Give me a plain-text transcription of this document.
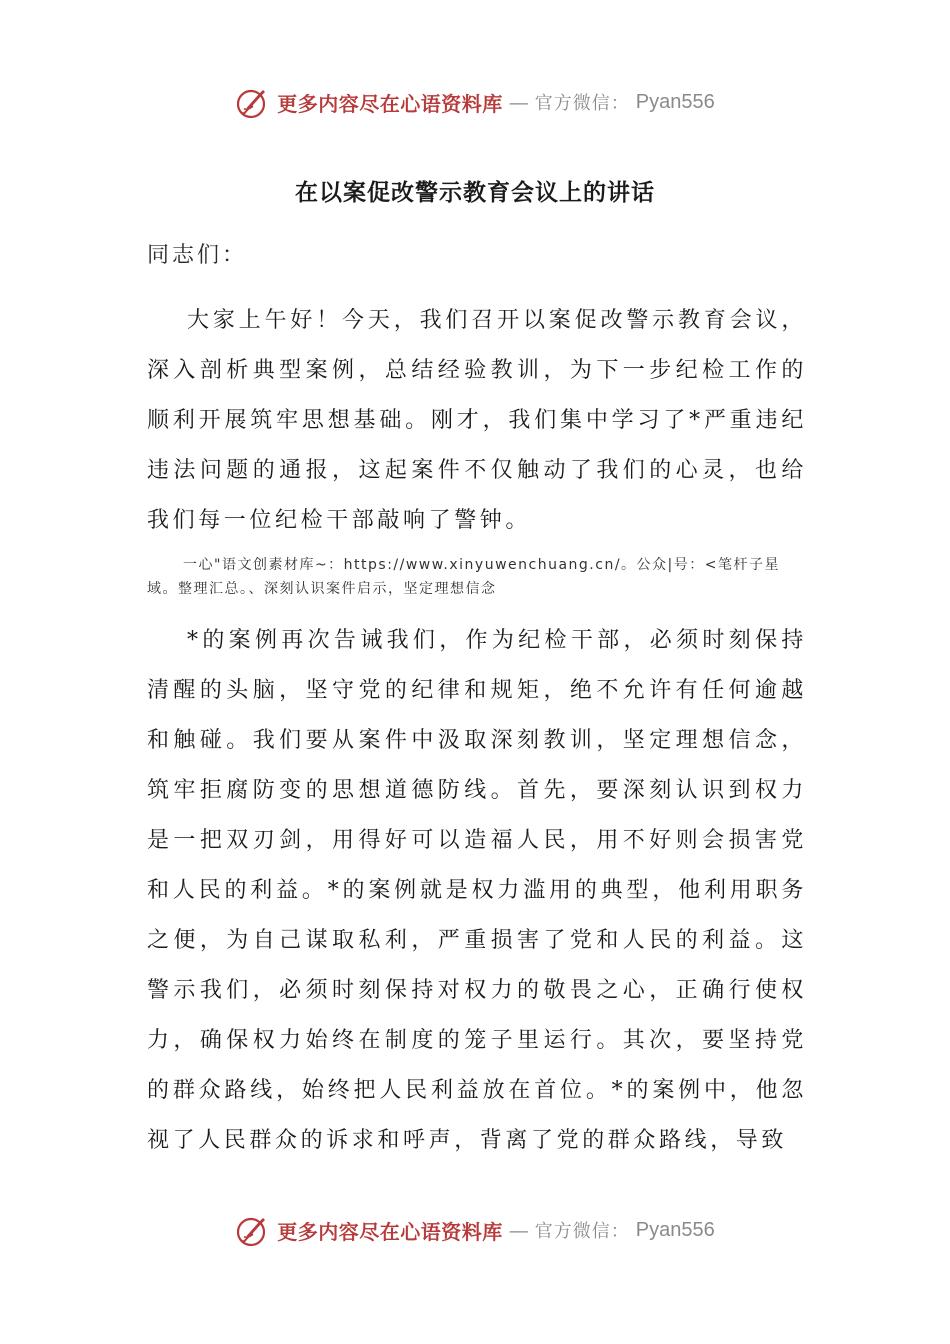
更多内容尽在心语资料库 — 官方微信： Pyan556
在以案促改警示教育会议上的讲话
同志们：

大家上午好！今天，我们召开以案促改警示教育会议，深入剖析典型案例，总结经验教训，为下一步纪检工作的顺利开展筑牢思想基础。刚才，我们集中学习了*严重违纪违法问题的通报，这起案件不仅触动了我们的心灵，也给我们每一位纪检干部敲响了警钟。

一心"语文创素材库~：https://www.xinyuwenchuang.cn/。公众|号：<笔杆子星域。整理汇总。、深刻认识案件启示，坚定理想信念

*的案例再次告诫我们，作为纪检干部，必须时刻保持清醒的头脑，坚守党的纪律和规矩，绝不允许有任何逾越和触碰。我们要从案件中汲取深刻教训，坚定理想信念，筑牢拒腐防变的思想道德防线。首先，要深刻认识到权力是一把双刃剑，用得好可以造福人民，用不好则会损害党和人民的利益。*的案例就是权力滥用的典型，他利用职务之便，为自己谋取私利，严重损害了党和人民的利益。这警示我们，必须时刻保持对权力的敬畏之心，正确行使权力，确保权力始终在制度的笼子里运行。其次，要坚持党的群众路线，始终把人民利益放在首位。*的案例中，他忽视了人民群众的诉求和呼声，背离了党的群众路线，导致

更多内容尽在心语资料库 — 官方微信： Pyan556
